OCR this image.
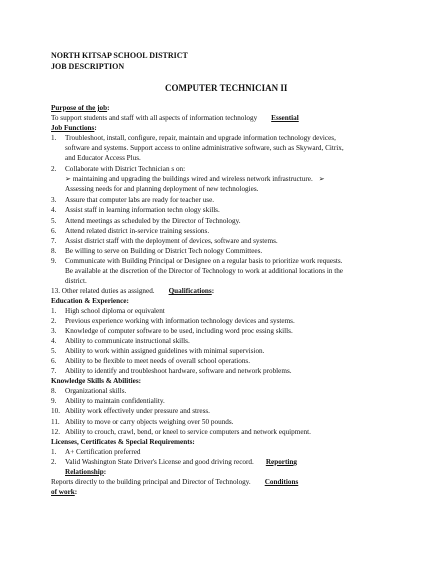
NORTH KITSAP SCHOOL DISTRICT
JOB DESCRIPTION
COMPUTER TECHNICIAN II
Purpose of the job:
To support students and staff with all aspects of information technology Essential
Job Functions:
1. Troubleshoot, install, configure, repair, maintain and upgrade information technology devices,
software and systems. Support access to online administrative software, such as Skyward, Citrix,
and Educator Access Plus.
2. Collaborate with District Technician s on:
➢ maintaining and upgrading the buildings wired and wireless network infrastructure. ➢
Assessing needs for and planning deployment of new technologies.
3. Assure that computer labs are ready for teacher use.
4. Assist staff in learning information techn ology skills.
5. Attend meetings as scheduled by the Director of Technology.
6. Attend related district in-service training sessions.
7. Assist district staff with the deployment of devices, software and systems.
8. Be willing to serve on Building or District Tech nology Committees.
9. Communicate with Building Principal or Designee on a regular basis to prioritize work requests.
Be available at the discretion of the Director of Technology to work at additional locations in the
district.
13. Other related duties as assigned. Qualifications:
Education & Experience:
1. High school diploma or equivalent
2. Previous experience working with information technology devices and systems.
3. Knowledge of computer software to be used, including word proc essing skills.
4. Ability to communicate instructional skills.
5. Ability to work within assigned guidelines with minimal supervision.
6. Ability to be flexible to meet needs of overall school operations.
7. Ability to identify and troubleshoot hardware, software and network problems.
Knowledge Skills & Abilities:
8. Organizational skills.
9. Ability to maintain confidentiality.
10. Ability work effectively under pressure and stress.
11. Ability to move or carry objects weighing over 50 pounds.
12. Ability to crouch, crawl, bend, or kneel to service computers and network equipment.
Licenses, Certificates & Special Requirements:
1. A+ Certification preferred
2. Valid Washington State Driver's License and good driving record. Reporting
Relationship:
Reports directly to the building principal and Director of Technology. Conditions
of work:
